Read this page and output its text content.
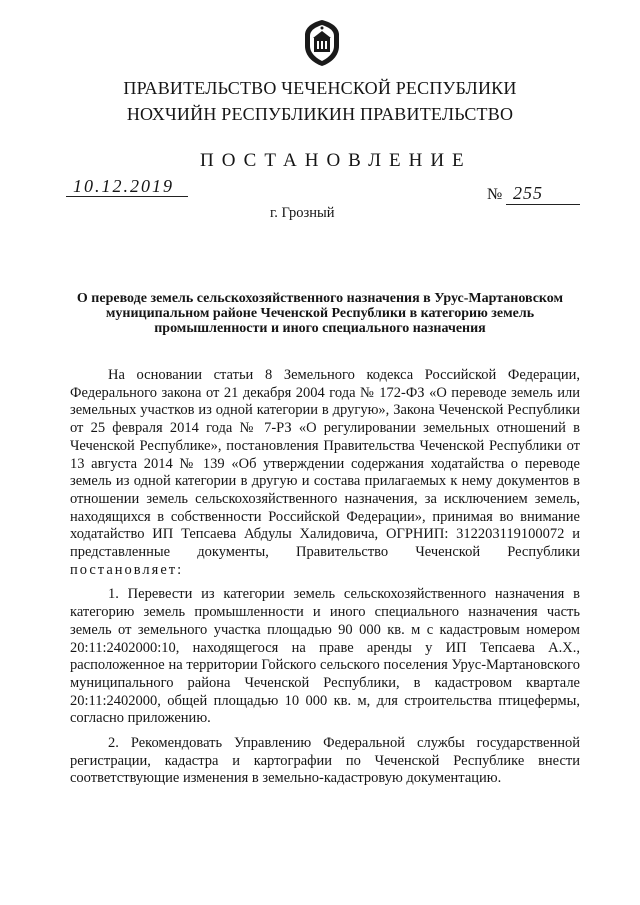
ПРАВИТЕЛЬСТВО ЧЕЧЕНСКОЙ РЕСПУБЛИКИ
НОХЧИЙН РЕСПУБЛИКИН ПРАВИТЕЛЬСТВО
ПОСТАНОВЛЕНИЕ
10.12.2019	№ 255
г. Грозный
О переводе земель сельскохозяйственного назначения в Урус-Мартановском муниципальном районе Чеченской Республики в категорию земель промышленности и иного специального назначения

На основании статьи 8 Земельного кодекса Российской Федерации, Федерального закона от 21 декабря 2004 года № 172-ФЗ «О переводе земель или земельных участков из одной категории в другую», Закона Чеченской Республики от 25 февраля 2014 года № 7-РЗ «О регулировании земельных отношений в Чеченской Республике», постановления Правительства Чеченской Республики от 13 августа 2014 № 139 «Об утверждении содержания ходатайства о переводе земель из одной категории в другую и состава прилагаемых к нему документов в отношении земель сельскохозяйственного назначения, за исключением земель, находящихся в собственности Российской Федерации», принимая во внимание ходатайство ИП Тепсаева Абдулы Халидовича, ОГРНИП: 312203119100072 и представленные документы, Правительство Чеченской Республики постановляет:

1. Перевести из категории земель сельскохозяйственного назначения в категорию земель промышленности и иного специального назначения часть земель от земельного участка площадью 90 000 кв. м с кадастровым номером 20:11:2402000:10, находящегося на праве аренды у ИП Тепсаева А.Х., расположенное на территории Гойского сельского поселения Урус-Мартановского муниципального района Чеченской Республики, в кадастровом квартале 20:11:2402000, общей площадью 10 000 кв. м, для строительства птицефермы, согласно приложению.

2. Рекомендовать Управлению Федеральной службы государственной регистрации, кадастра и картографии по Чеченской Республике внести соответствующие изменения в земельно-кадастровую документацию.
